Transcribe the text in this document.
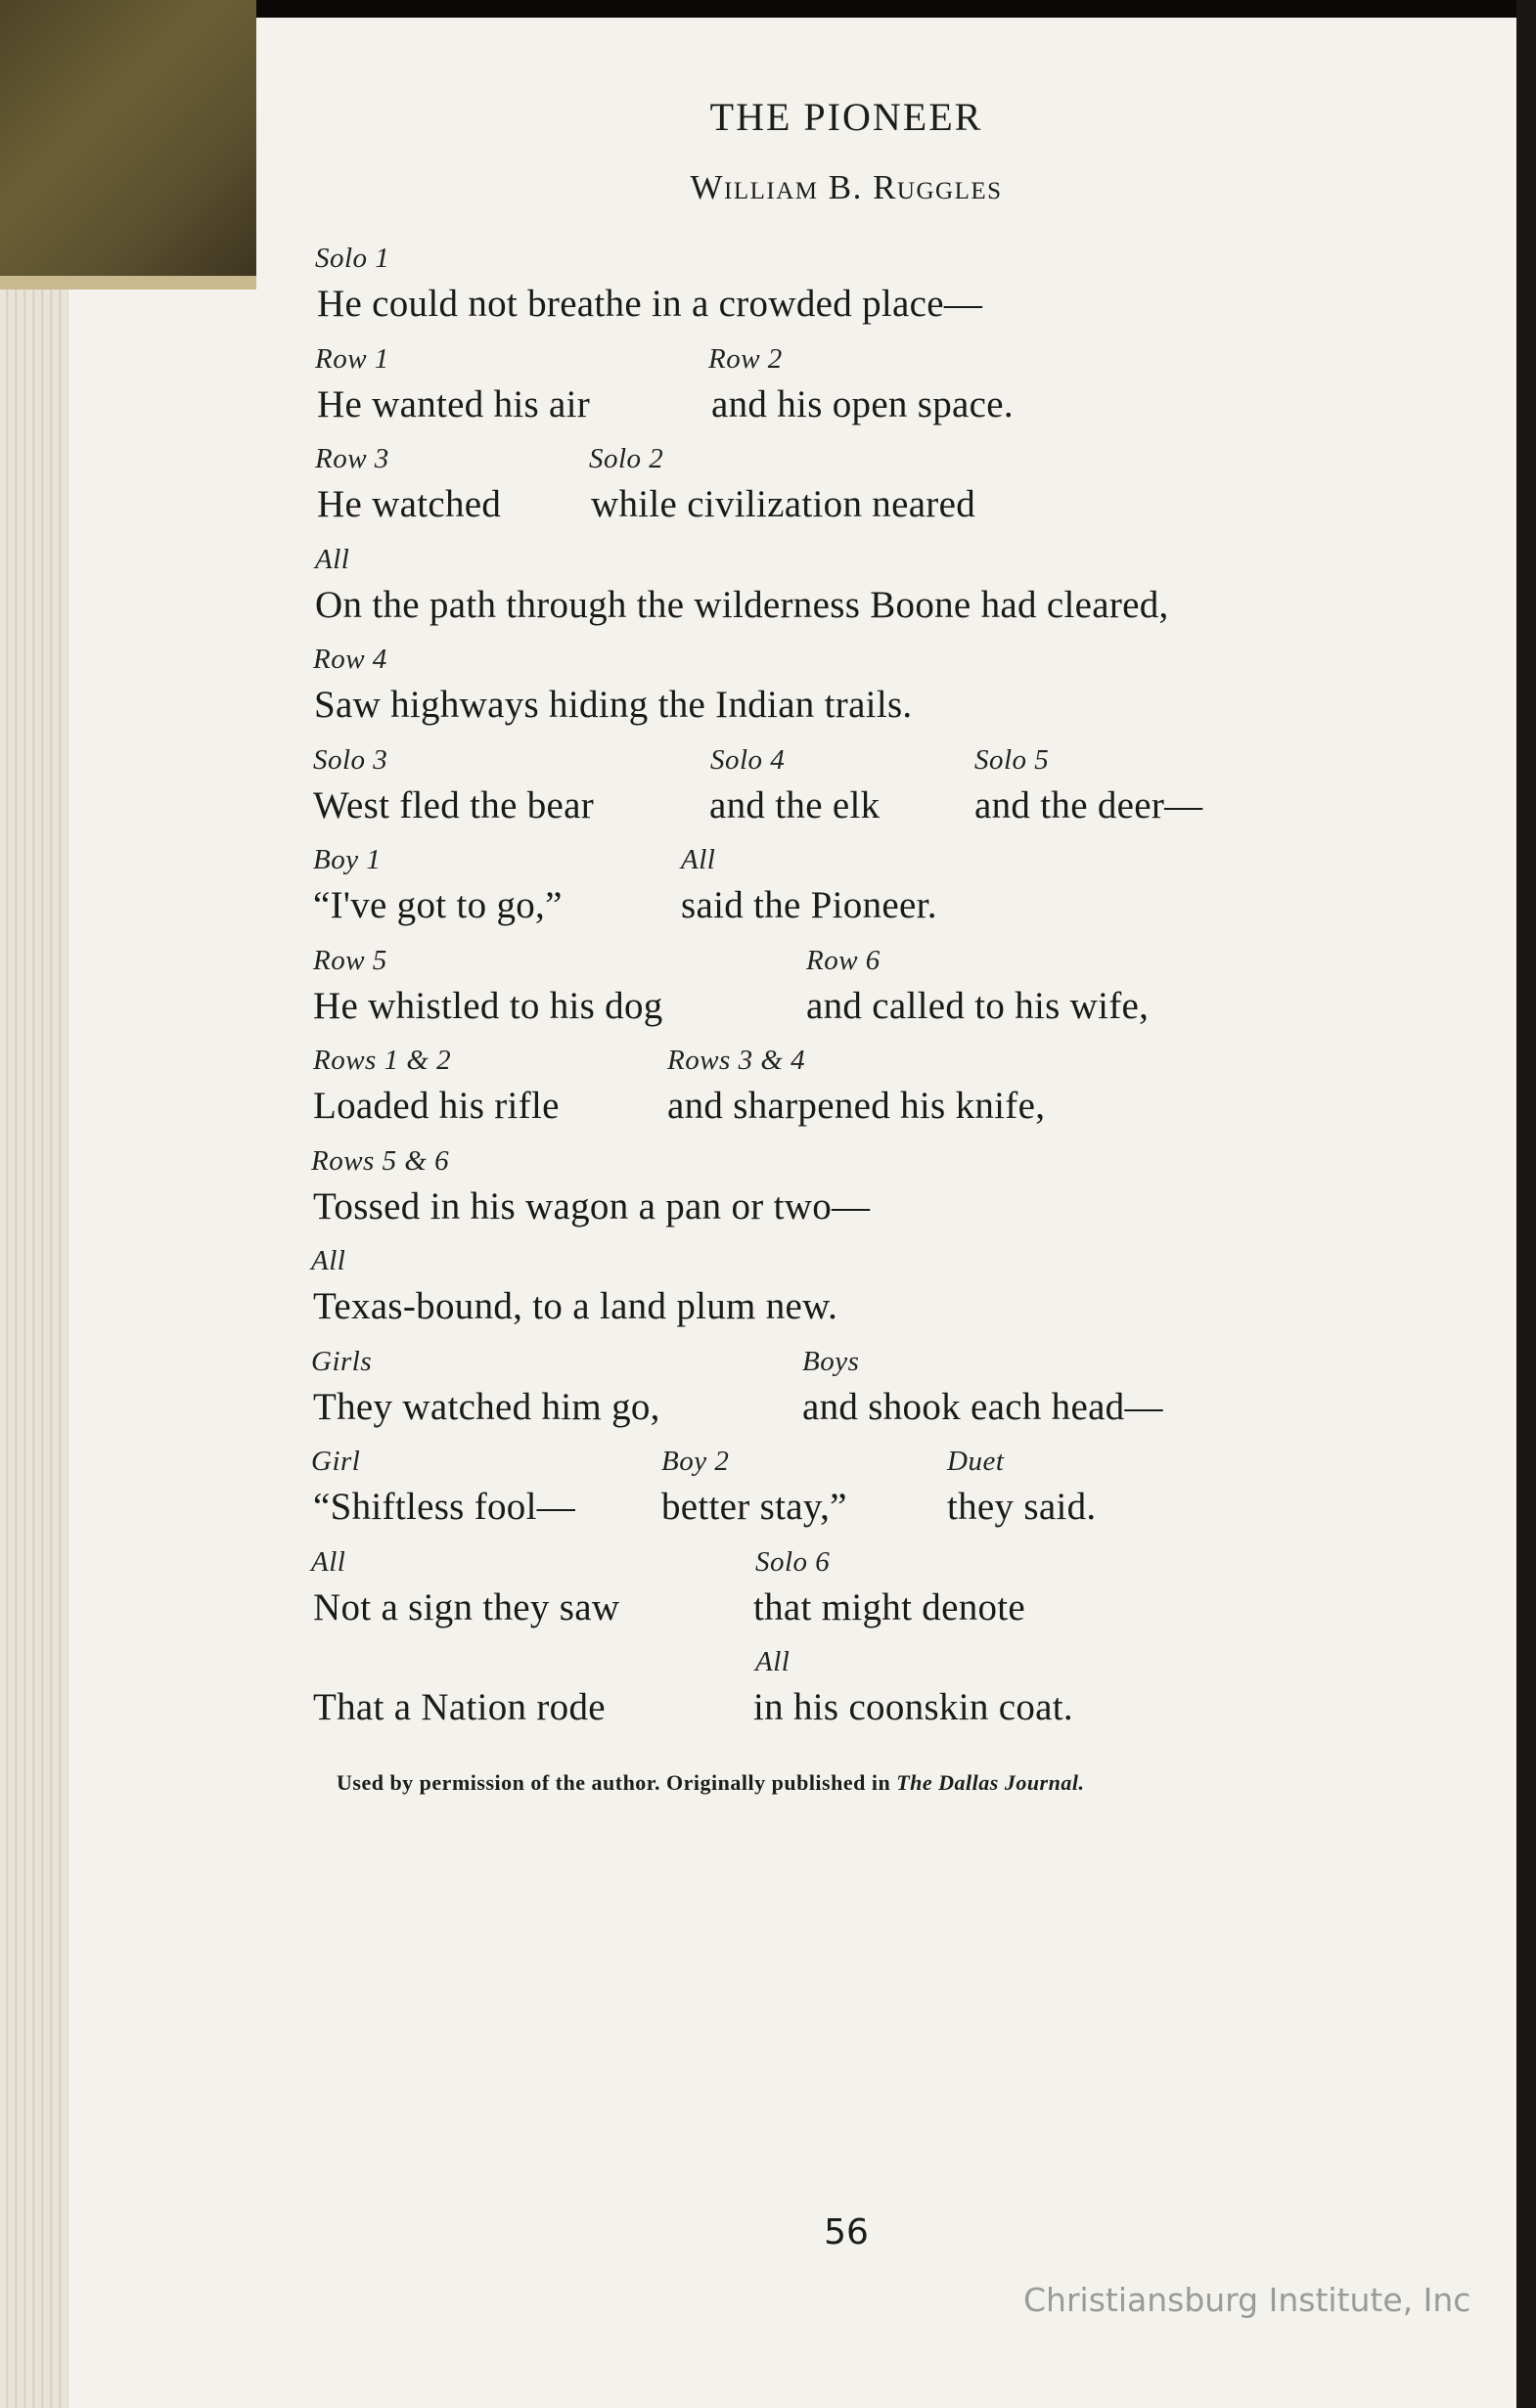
THE PIONEER
William B. Ruggles
Solo 1
He could not breathe in a crowded place—
Row 1
He wanted his air
Row 2
and his open space.
Row 3
He watched
Solo 2
while civilization neared
All
On the path through the wilderness Boone had cleared,
Row 4
Saw highways hiding the Indian trails.
Solo 3
West fled the bear
Solo 4
and the elk
Solo 5
and the deer—
Boy 1
“I've got to go,”
All
said the Pioneer.
Row 5
He whistled to his dog
Row 6
and called to his wife,
Rows 1 & 2
Loaded his rifle
Rows 3 & 4
and sharpened his knife,
Rows 5 & 6
Tossed in his wagon a pan or two—
All
Texas-bound, to a land plum new.
Girls
They watched him go,
Boys
and shook each head—
Girl
“Shiftless fool—
Boy 2
better stay,”
Duet
they said.
All
Not a sign they saw
Solo 6
that might denote
That a Nation rode
All
in his coonskin coat.
Used by permission of the author. Originally published in The Dallas Journal.
56
Christiansburg Institute, Inc
